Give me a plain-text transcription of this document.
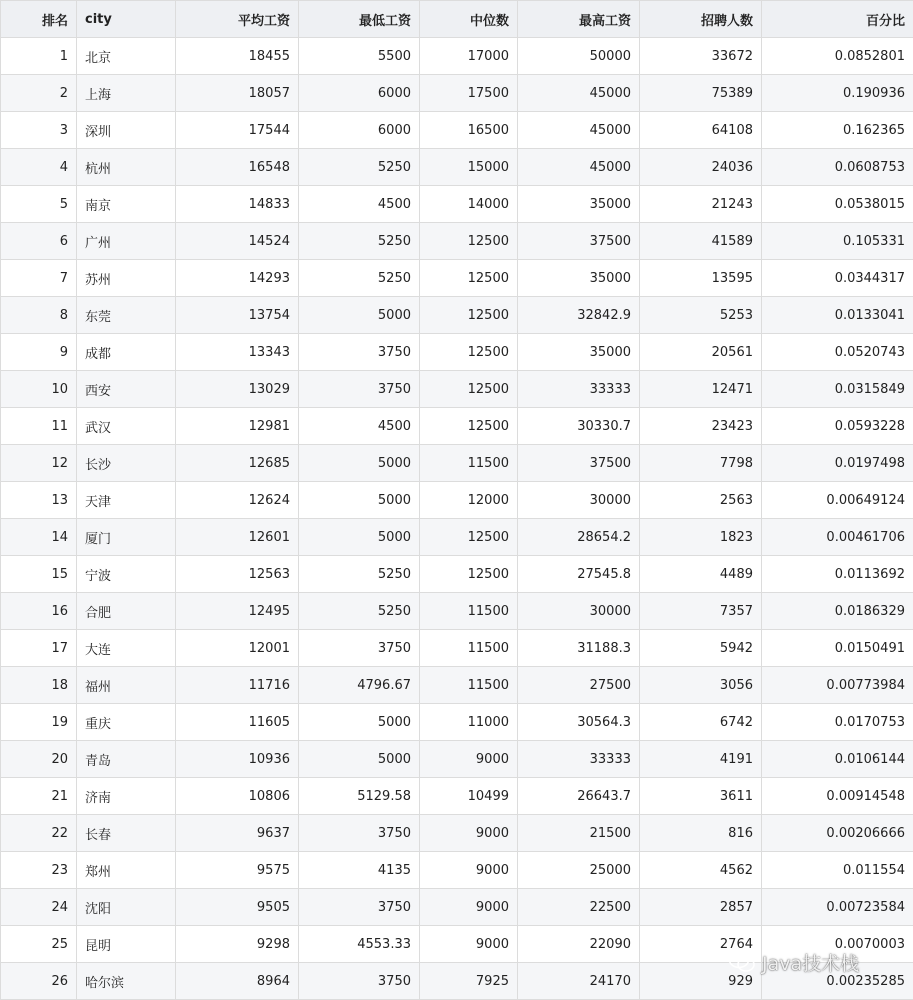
排名	city	平均工资	最低工资	中位数	最高工资	招聘人数	百分比
1	北京	18455	5500	17000	50000	33672	0.0852801
2	上海	18057	6000	17500	45000	75389	0.190936
3	深圳	17544	6000	16500	45000	64108	0.162365
4	杭州	16548	5250	15000	45000	24036	0.0608753
5	南京	14833	4500	14000	35000	21243	0.0538015
6	广州	14524	5250	12500	37500	41589	0.105331
7	苏州	14293	5250	12500	35000	13595	0.0344317
8	东莞	13754	5000	12500	32842.9	5253	0.0133041
9	成都	13343	3750	12500	35000	20561	0.0520743
10	西安	13029	3750	12500	33333	12471	0.0315849
11	武汉	12981	4500	12500	30330.7	23423	0.0593228
12	长沙	12685	5000	11500	37500	7798	0.0197498
13	天津	12624	5000	12000	30000	2563	0.00649124
14	厦门	12601	5000	12500	28654.2	1823	0.00461706
15	宁波	12563	5250	12500	27545.8	4489	0.0113692
16	合肥	12495	5250	11500	30000	7357	0.0186329
17	大连	12001	3750	11500	31188.3	5942	0.0150491
18	福州	11716	4796.67	11500	27500	3056	0.00773984
19	重庆	11605	5000	11000	30564.3	6742	0.0170753
20	青岛	10936	5000	9000	33333	4191	0.0106144
21	济南	10806	5129.58	10499	26643.7	3611	0.00914548
22	长春	9637	3750	9000	21500	816	0.00206666
23	郑州	9575	4135	9000	25000	4562	0.011554
24	沈阳	9505	3750	9000	22500	2857	0.00723584
25	昆明	9298	4553.33	9000	22090	2764	0.0070003
26	哈尔滨	8964	3750	7925	24170	929	0.00235285
Java技术栈
